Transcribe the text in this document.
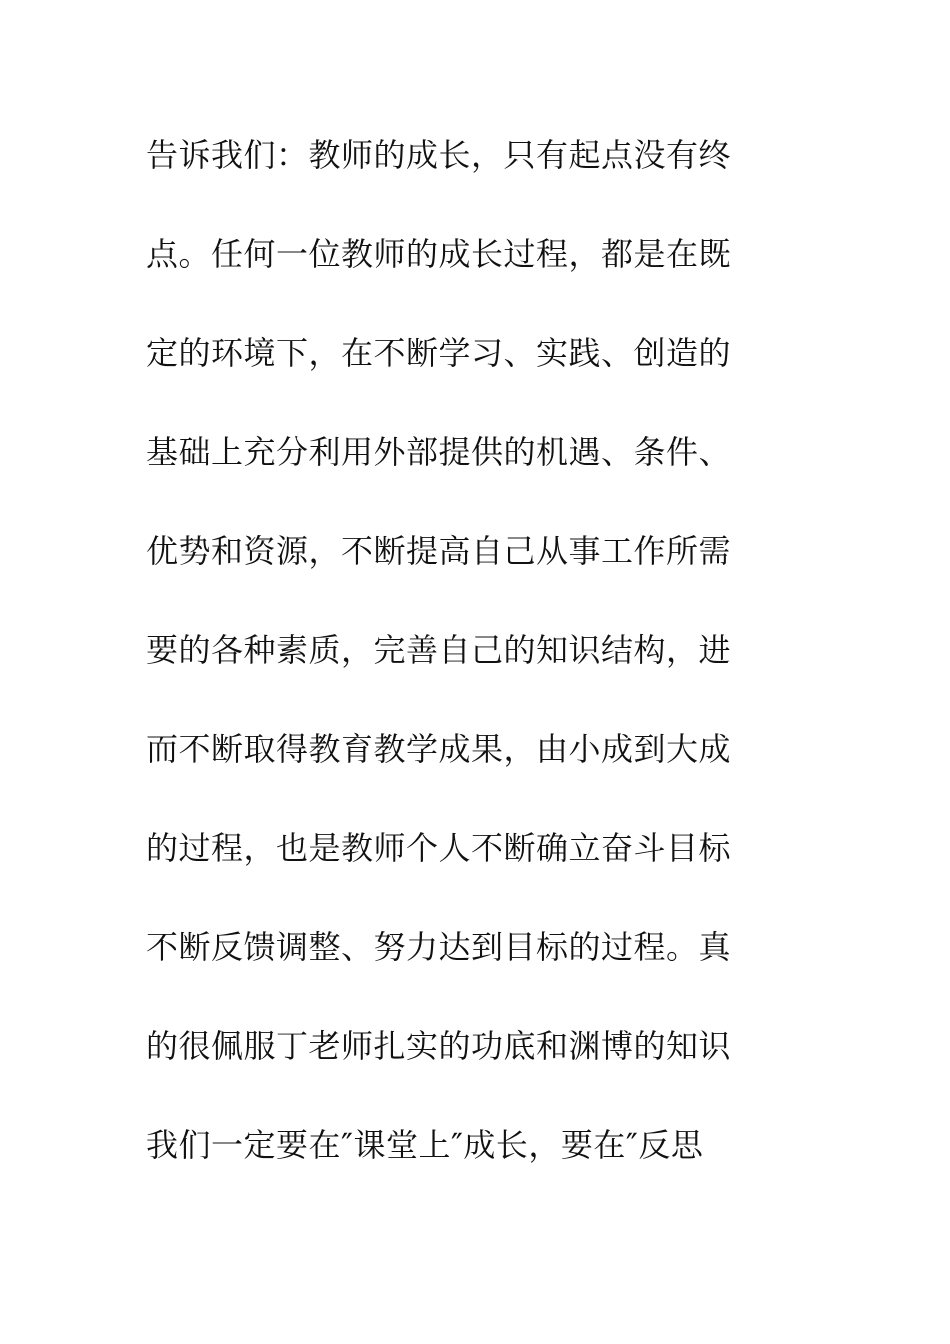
告诉我们：教师的成长，只有起点没有终
点。任何一位教师的成长过程，都是在既
定的环境下，在不断学习、实践、创造的
基础上充分利用外部提供的机遇、条件、
优势和资源，不断提高自己从事工作所需
要的各种素质，完善自己的知识结构，进
而不断取得教育教学成果，由小成到大成
的过程，也是教师个人不断确立奋斗目标
不断反馈调整、努力达到目标的过程。真
的很佩服丁老师扎实的功底和渊博的知识
我们一定要在″课堂上″成长，要在″反思
